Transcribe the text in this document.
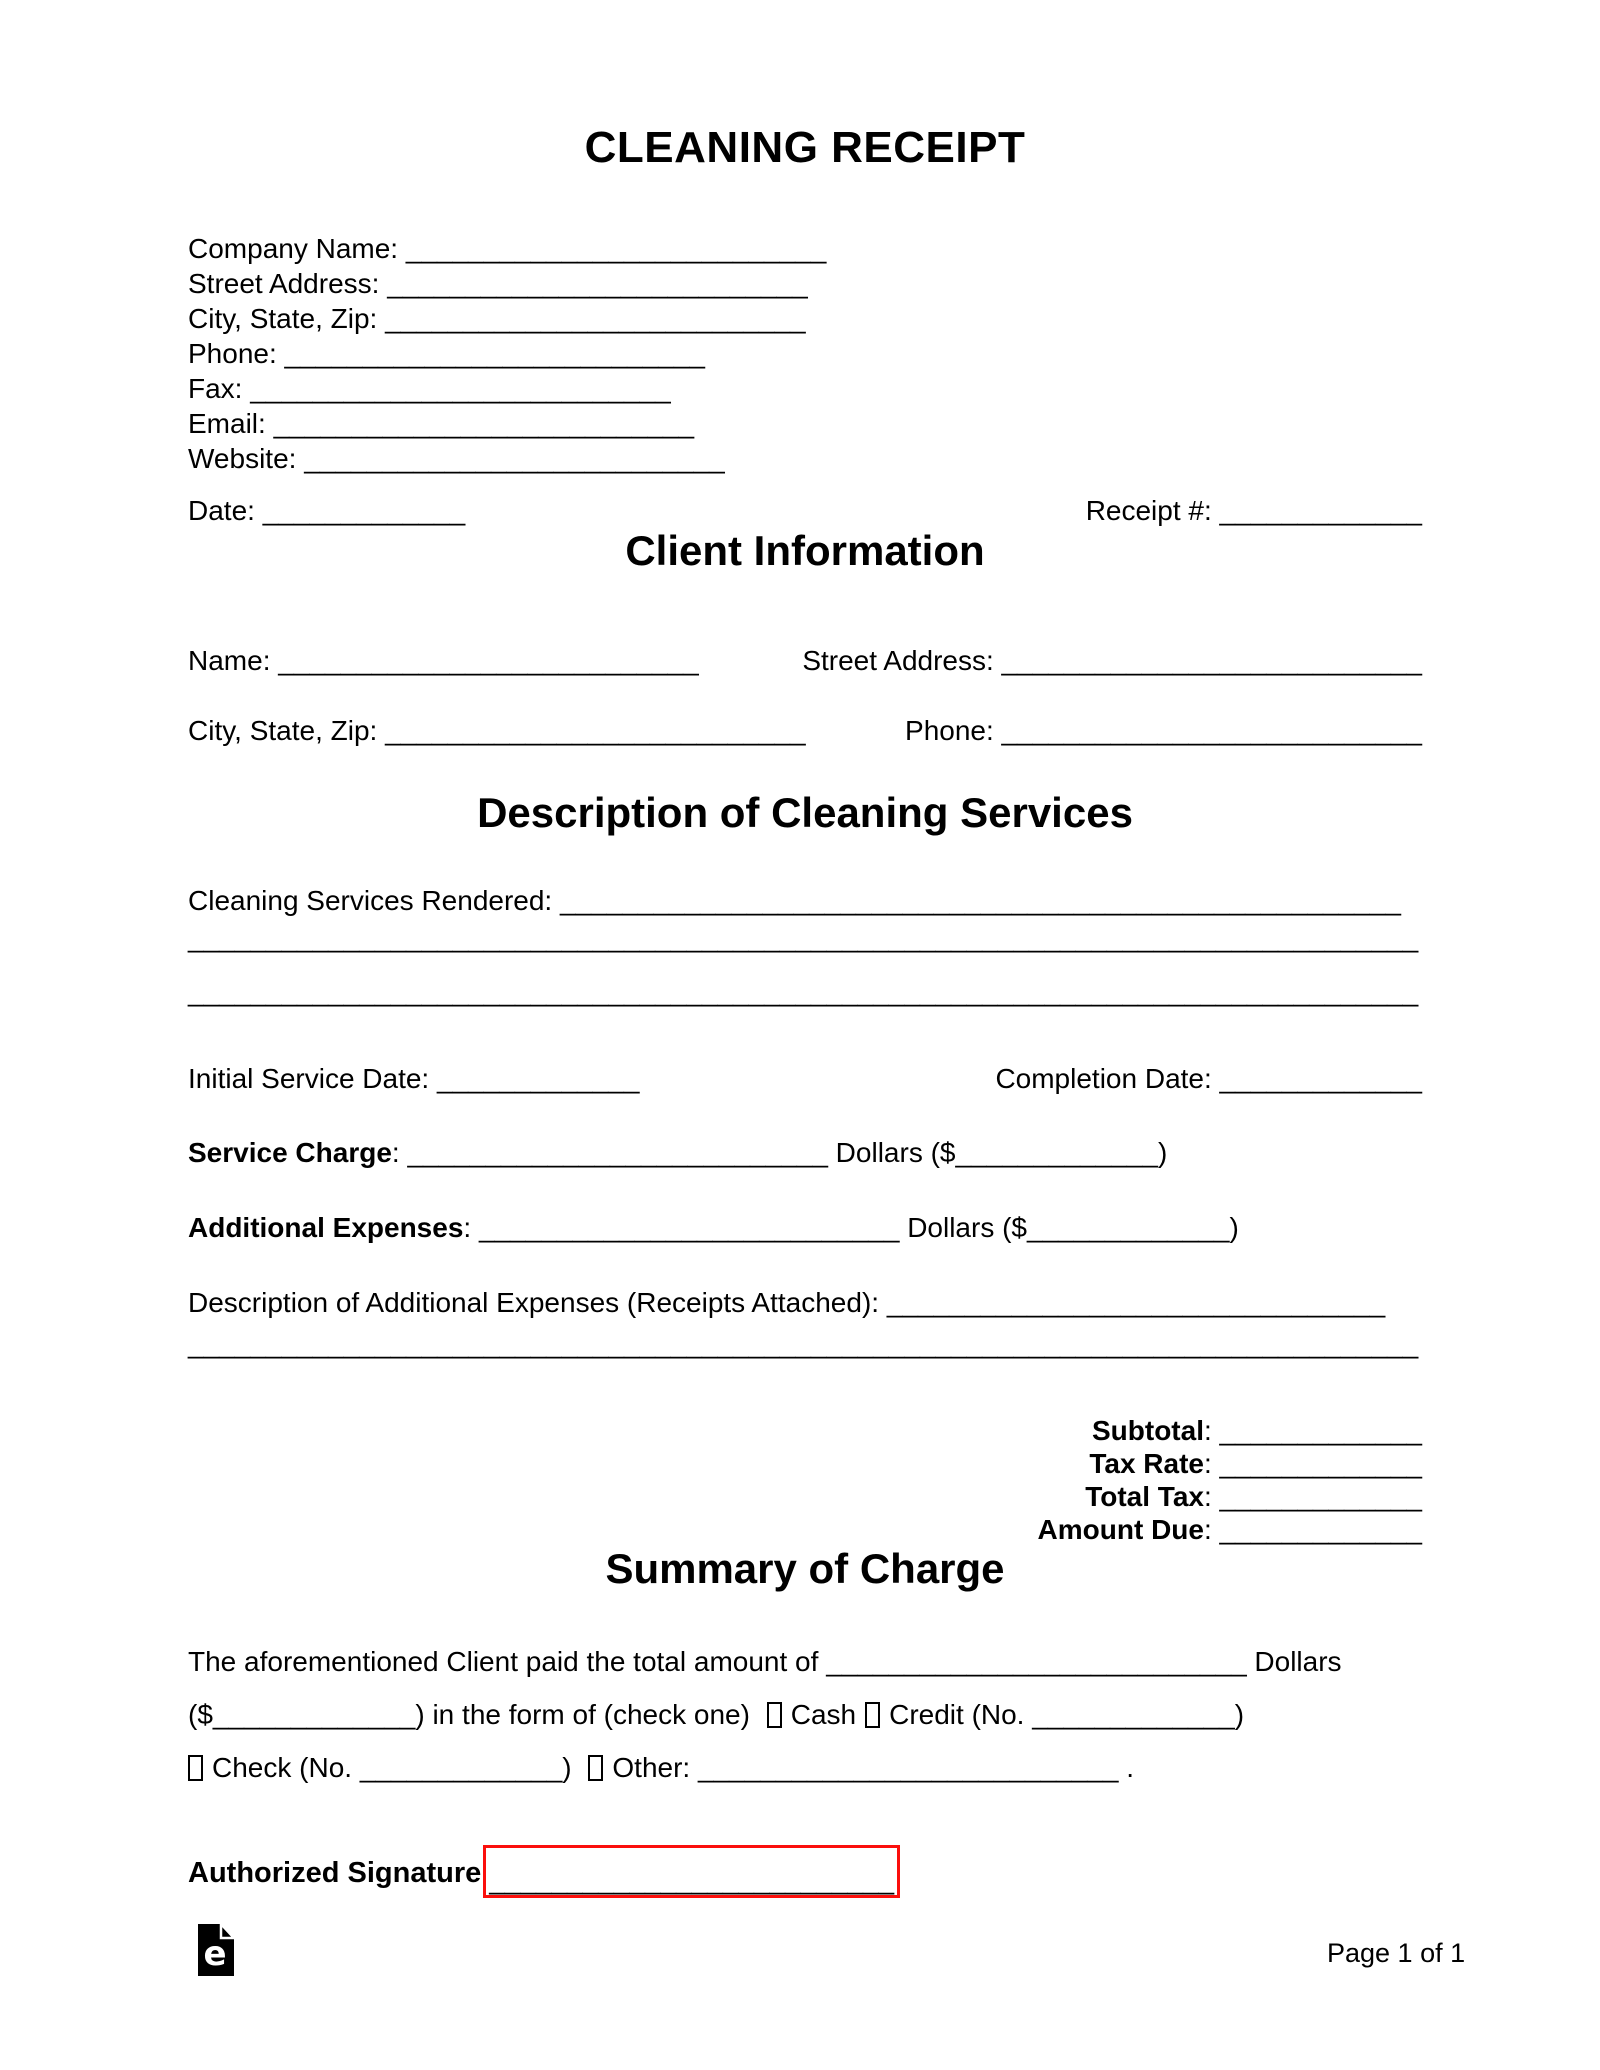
CLEANING RECEIPT
Company Name: ___________________________
Street Address: ___________________________
City, State, Zip: ___________________________
Phone: ___________________________
Fax: ___________________________
Email: ___________________________
Website: ___________________________
Date: _____________	Receipt #: _____________
Client Information
Name: ___________________________	Street Address: ___________________________
City, State, Zip: ___________________________	Phone: ___________________________
Description of Cleaning Services
Cleaning Services Rendered: ______________________________________________________
_______________________________________________________________________________
_______________________________________________________________________________
Initial Service Date: _____________	Completion Date: _____________
Service Charge: ___________________________ Dollars ($_____________)
Additional Expenses: ___________________________ Dollars ($_____________)
Description of Additional Expenses (Receipts Attached): ________________________________
_______________________________________________________________________________
Subtotal: _____________
Tax Rate: _____________
Total Tax: _____________
Amount Due: _____________
Summary of Charge
The aforementioned Client paid the total amount of ___________________________ Dollars
($_____________) in the form of (check one) Cash Credit (No. _____________)
Check (No. _____________) Other: ___________________________ .
Authorized Signature __________________________
e	Page 1 of 1
